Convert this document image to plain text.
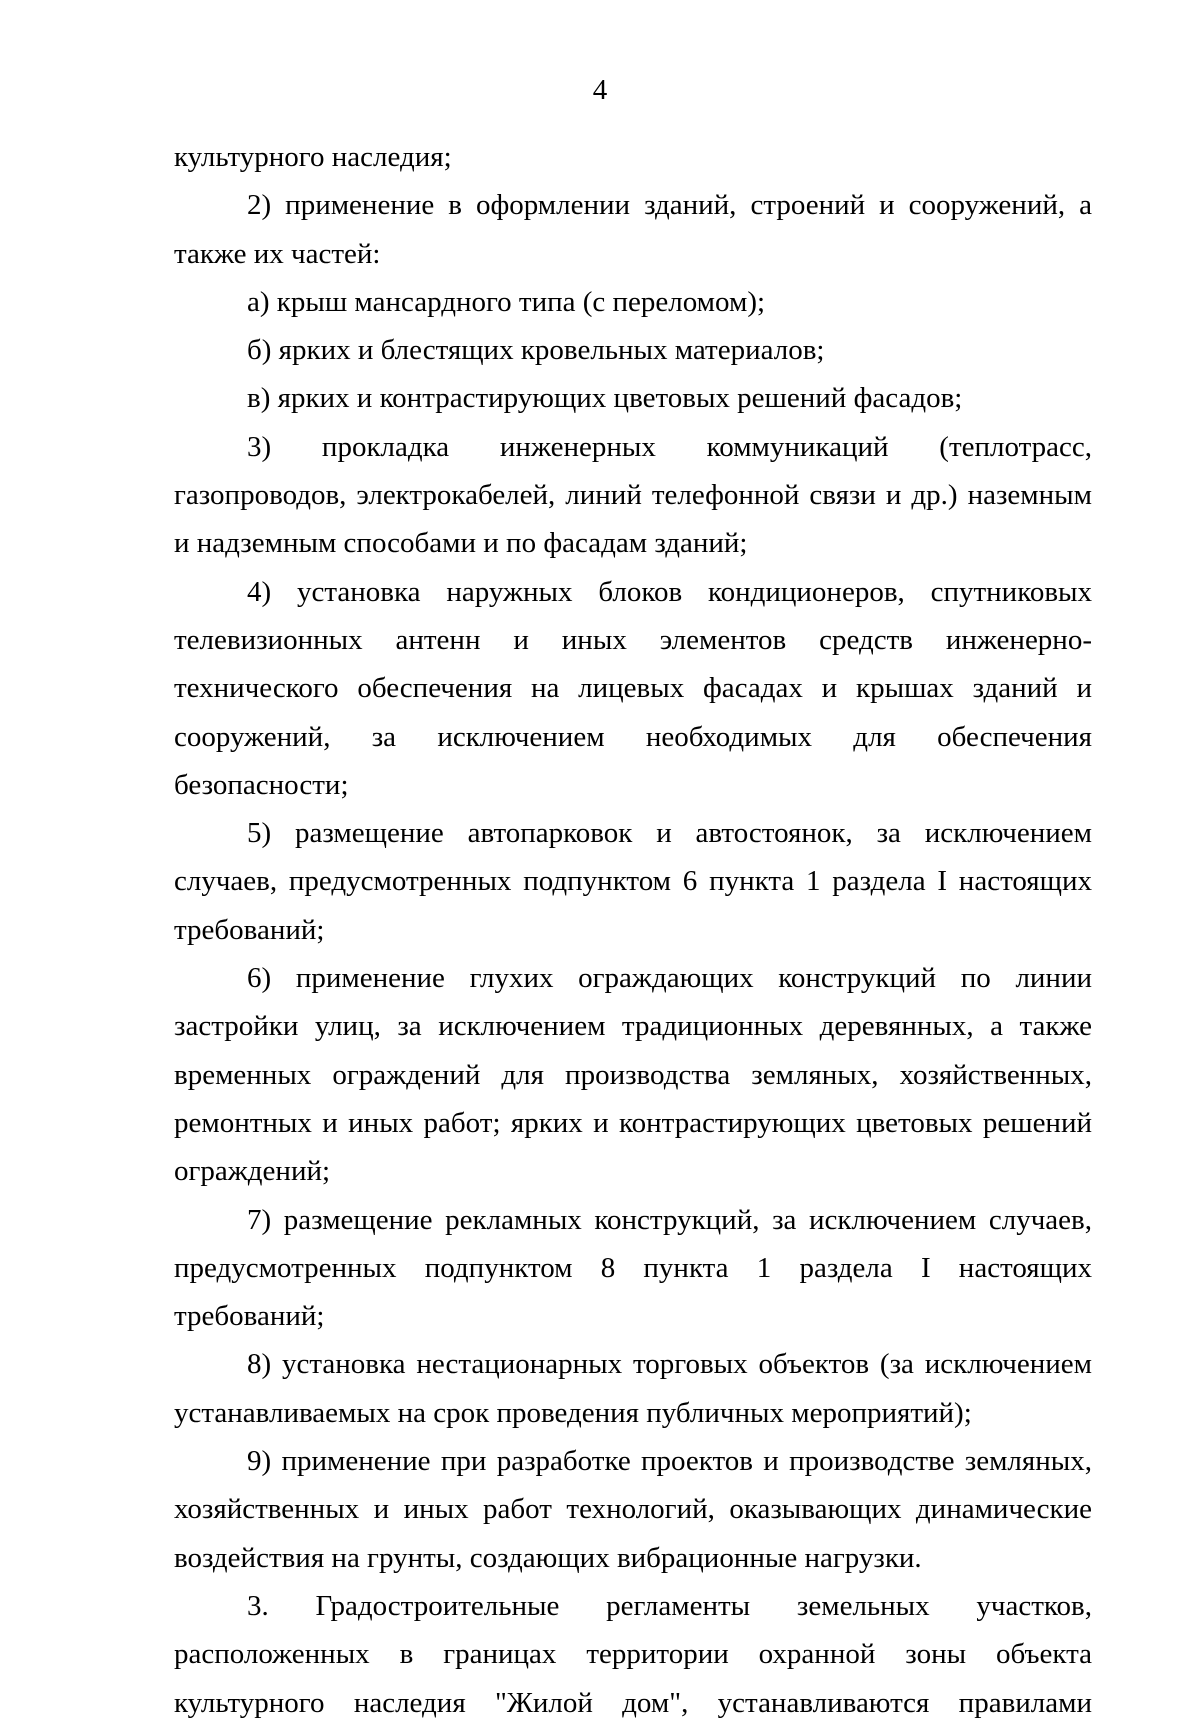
4

культурного наследия;

2) применение в оформлении зданий, строений и сооружений, а также их частей:

а) крыш мансардного типа (с переломом);

б) ярких и блестящих кровельных материалов;

в) ярких и контрастирующих цветовых решений фасадов;

3) прокладка инженерных коммуникаций (теплотрасс, газопроводов, электрокабелей, линий телефонной связи и др.) наземным и надземным способами и по фасадам зданий;

4) установка наружных блоков кондиционеров, спутниковых телевизионных антенн и иных элементов средств инженерно-технического обеспечения на лицевых фасадах и крышах зданий и сооружений, за исключением необходимых для обеспечения безопасности;

5) размещение автопарковок и автостоянок, за исключением случаев, предусмотренных подпунктом 6 пункта 1 раздела I настоящих требований;

6) применение глухих ограждающих конструкций по линии застройки улиц, за исключением традиционных деревянных, а также временных ограждений для производства земляных, хозяйственных, ремонтных и иных работ; ярких и контрастирующих цветовых решений ограждений;

7) размещение рекламных конструкций, за исключением случаев, предусмотренных подпунктом 8 пункта 1 раздела I настоящих требований;

8) установка нестационарных торговых объектов (за исключением устанавливаемых на срок проведения публичных мероприятий);

9) применение при разработке проектов и производстве земляных, хозяйственных и иных работ технологий, оказывающих динамические воздействия на грунты, создающих вибрационные нагрузки.

3. Градостроительные регламенты земельных участков, расположенных в границах территории охранной зоны объекта культурного наследия "Жилой дом", устанавливаются правилами
